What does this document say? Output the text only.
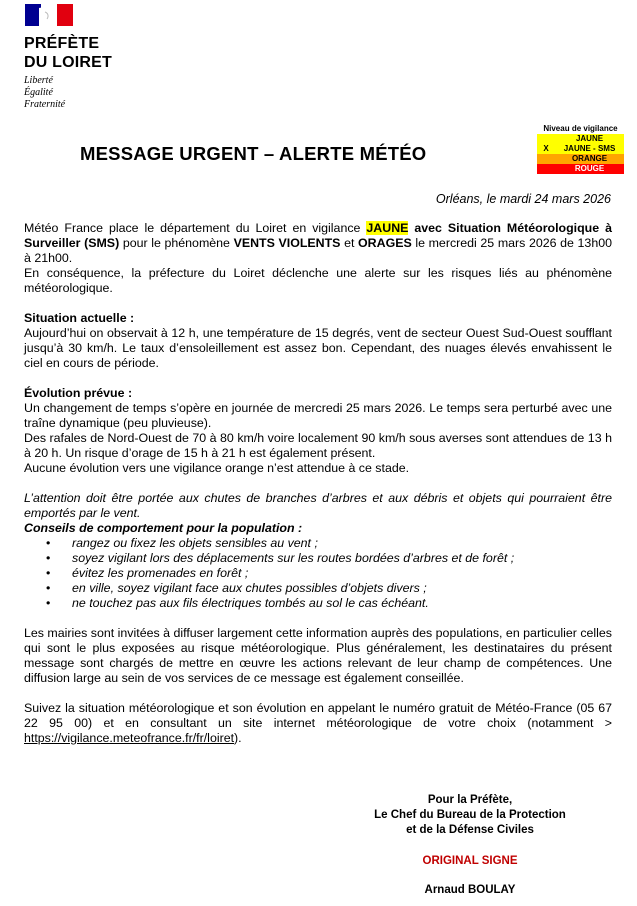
PRÉFÈTE
DU LOIRET
Liberté
Égalité
Fraternité
Niveau de vigilance
JAUNE
X	JAUNE - SMS
ORANGE
ROUGE
MESSAGE URGENT – ALERTE MÉTÉO
Orléans, le mardi 24 mars 2026

Météo France place le département du Loiret en vigilance JAUNE avec Situation Météorologique à Surveiller (SMS) pour le phénomène VENTS VIOLENTS et ORAGES le mercredi 25 mars 2026 de 13h00 à 21h00.

En conséquence, la préfecture du Loiret déclenche une alerte sur les risques liés au phénomène météorologique.

Situation actuelle :

Aujourd’hui on observait à 12 h, une température de 15 degrés, vent de secteur Ouest Sud-Ouest soufflant jusqu’à 30 km/h. Le taux d’ensoleillement est assez bon. Cependant, des nuages élevés envahissent le ciel en cours de période.

Évolution prévue :

Un changement de temps s’opère en journée de mercredi 25 mars 2026. Le temps sera perturbé avec une traîne dynamique (peu pluvieuse).

Des rafales de Nord-Ouest de 70 à 80 km/h voire localement 90 km/h sous averses sont attendues de 13 h à 20 h. Un risque d’orage de 15 h à 21 h est également présent.

Aucune évolution vers une vigilance orange n’est attendue à ce stade.

L’attention doit être portée aux chutes de branches d’arbres et aux débris et objets qui pourraient être emportés par le vent.

Conseils de comportement pour la population :

• rangez ou fixez les objets sensibles au vent ;
• soyez vigilant lors des déplacements sur les routes bordées d’arbres et de forêt ;
• évitez les promenades en forêt ;
• en ville, soyez vigilant face aux chutes possibles d’objets divers ;
• ne touchez pas aux fils électriques tombés au sol le cas échéant.

Les mairies sont invitées à diffuser largement cette information auprès des populations, en particulier celles qui sont le plus exposées au risque météorologique. Plus généralement, les destinataires du présent message sont chargés de mettre en œuvre les actions relevant de leur champ de compétences. Une diffusion large au sein de vos services de ce message est également conseillée.

Suivez la situation météorologique et son évolution en appelant le numéro gratuit de Météo-France (05 67 22 95 00) et en consultant un site internet météorologique de votre choix (notamment > https://vigilance.meteofrance.fr/fr/loiret).

Pour la Préfète,
Le Chef du Bureau de la Protection
et de la Défense Civiles
ORIGINAL SIGNE
Arnaud BOULAY
